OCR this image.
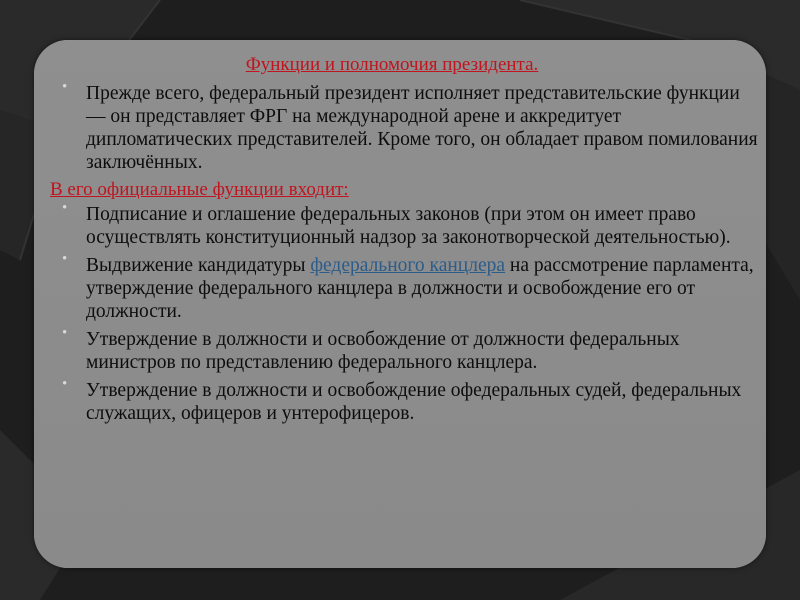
Функции и полномочия президента.

• Прежде всего, федеральный президент исполняет представительские функции — он представляет ФРГ на международной арене и аккредитует дипломатических представителей. Кроме того, он обладает правом помилования заключённых.

В его официальные функции входит:

• Подписание и оглашение федеральных законов (при этом он имеет право осуществлять конституционный надзор за законотворческой деятельностью).
• Выдвижение кандидатуры федерального канцлера на рассмотрение парламента, утверждение федерального канцлера в должности и освобождение его от должности.
• Утверждение в должности и освобождение от должности федеральных министров по представлению федерального канцлера.
• Утверждение в должности и освобождение офедеральных судей, федеральных служащих, офицеров и унтерофицеров.
